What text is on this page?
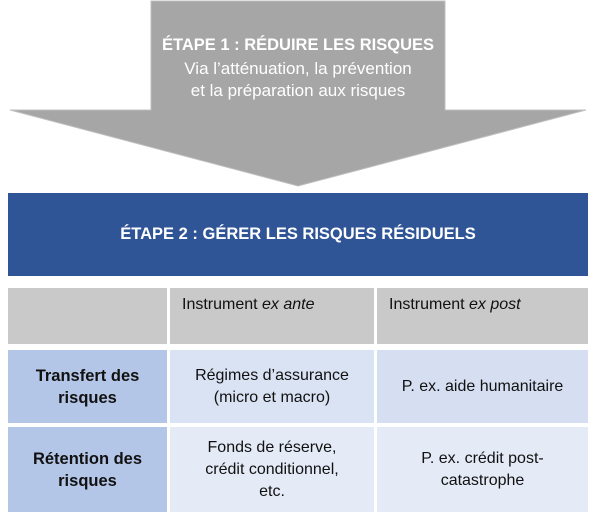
ÉTAPE 1 : RÉDUIRE LES RISQUES
Via l’atténuation, la prévention
et la préparation aux risques
ÉTAPE 2 : GÉRER LES RISQUES RÉSIDUELS
Instrument ex ante	Instrument ex post
Transfert des
risques
Régimes d’assurance
(micro et macro)
P. ex. aide humanitaire
Rétention des
risques
Fonds de réserve,
crédit conditionnel,
etc.
P. ex. crédit post-
catastrophe
